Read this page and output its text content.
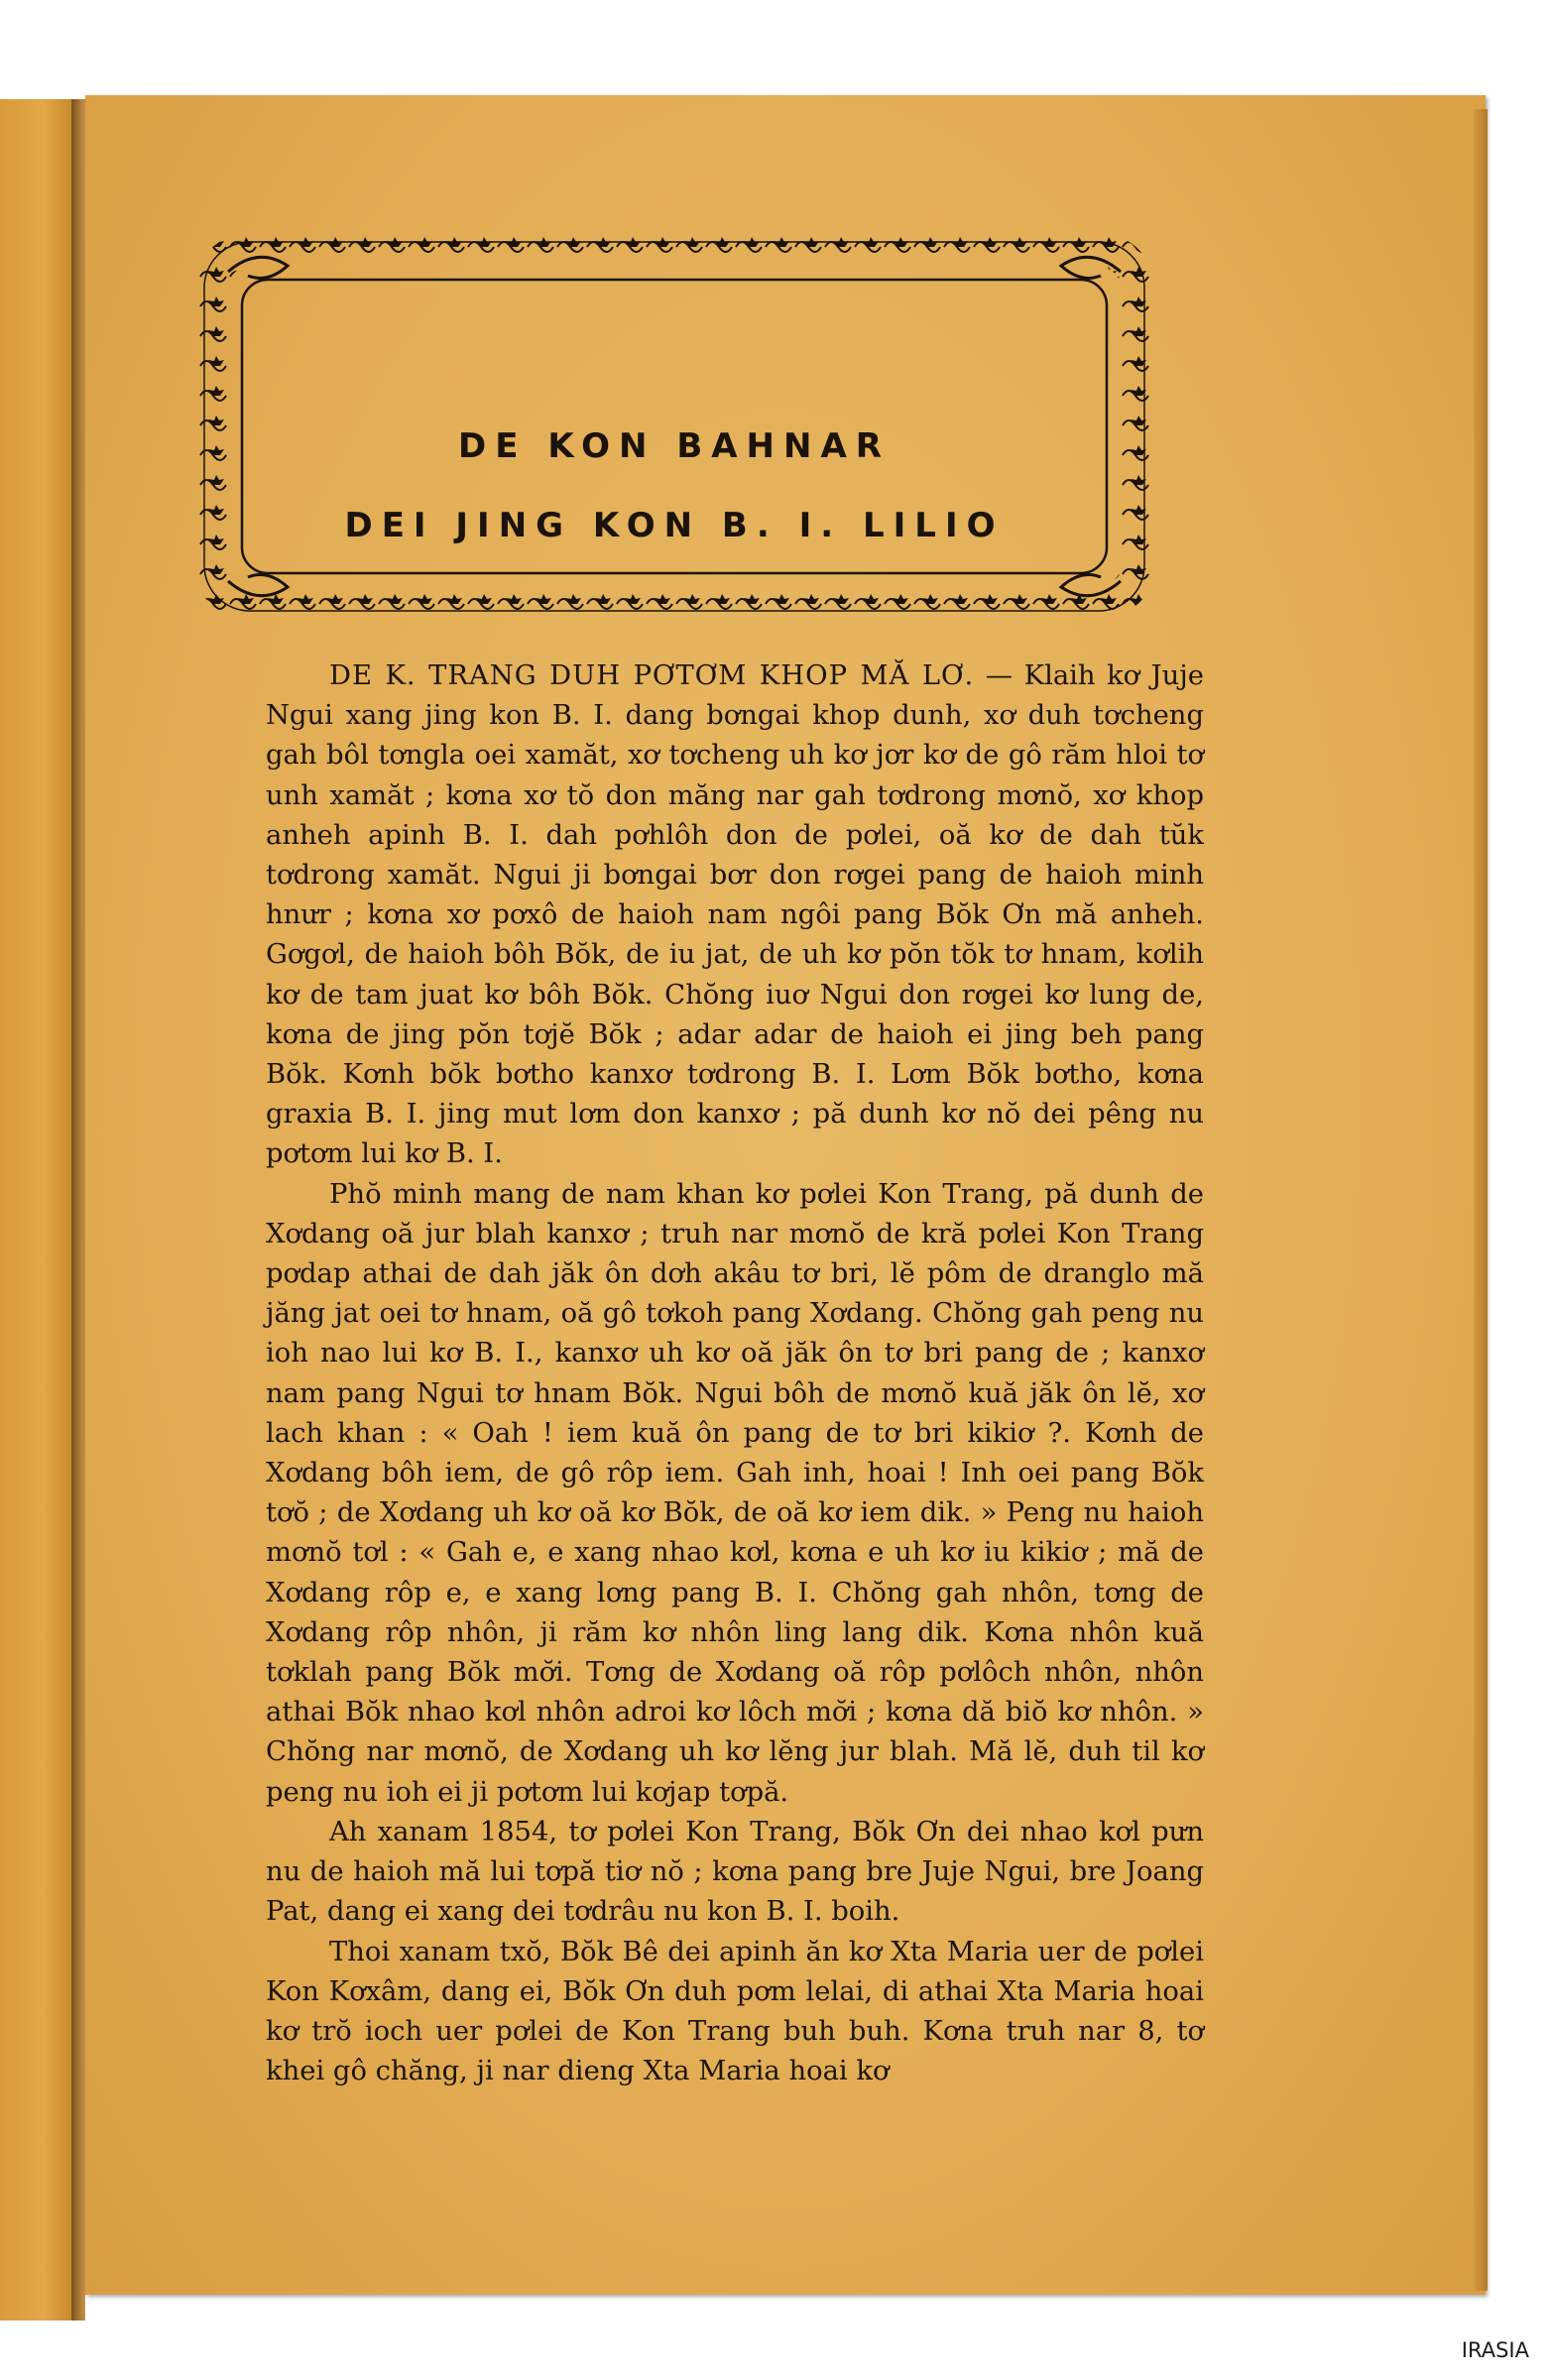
DE KON BAHNAR
DEI JING KON B. I. LILIO

DE K. TRANG DUH PƠTƠM KHOP MĂ LƠ. — Klaih kơ Juje Ngui xang jing kon B. I. dang bơngai khop dunh, xơ duh tơcheng gah bôl tơngla oei xamăt, xơ tơcheng uh kơ jơr kơ de gô răm hloi tơ unh xamăt ; kơna xơ tŏ don măng nar gah tơdrong mơnŏ, xơ khop anheh apinh B. I. dah pơhlôh don de pơlei, oă kơ de dah tŭk tơdrong xamăt. Ngui ji bơngai bơr don rơgei pang de haioh minh hnưr ; kơna xơ pơxô de haioh nam ngôi pang Bŏk Ơn mă anheh. Gơgơl, de haioh bôh Bŏk, de iu jat, de uh kơ pŏn tŏk tơ hnam, kơlih kơ de tam juat kơ bôh Bŏk. Chŏng iuơ Ngui don rơgei kơ lung de, kơna de jing pŏn tơjĕ Bŏk ; adar adar de haioh ei jing beh pang Bŏk. Kơnh bŏk bơtho kanxơ tơdrong B. I. Lơm Bŏk bơtho, kơna graxia B. I. jing mut lơm don kanxơ ; pă dunh kơ nŏ dei pêng nu pơtơm lui kơ B. I.

Phŏ minh mang de nam khan kơ pơlei Kon Trang, pă dunh de Xơdang oă jur blah kanxơ ; truh nar mơnŏ de kră pơlei Kon Trang pơdap athai de dah jăk ôn dơh akâu tơ bri, lĕ pôm de dranglo mă jăng jat oei tơ hnam, oă gô tơkoh pang Xơdang. Chŏng gah peng nu ioh nao lui kơ B. I., kanxơ uh kơ oă jăk ôn tơ bri pang de ; kanxơ nam pang Ngui tơ hnam Bŏk. Ngui bôh de mơnŏ kuă jăk ôn lĕ, xơ lach khan : « Oah ! iem kuă ôn pang de tơ bri kikiơ ?. Kơnh de Xơdang bôh iem, de gô rôp iem. Gah inh, hoai ! Inh oei pang Bŏk tơŏ ; de Xơdang uh kơ oă kơ Bŏk, de oă kơ iem dik. » Peng nu haioh mơnŏ tơl : « Gah e, e xang nhao kơl, kơna e uh kơ iu kikiơ ; mă de Xơdang rôp e, e xang lơng pang B. I. Chŏng gah nhôn, tơng de Xơdang rôp nhôn, ji răm kơ nhôn ling lang dik. Kơna nhôn kuă tơklah pang Bŏk mơ̆i. Tơng de Xơdang oă rôp pơlôch nhôn, nhôn athai Bŏk nhao kơl nhôn adroi kơ lôch mơ̆i ; kơna dă biŏ kơ nhôn. » Chŏng nar mơnŏ, de Xơdang uh kơ lĕng jur blah. Mă lĕ, duh til kơ peng nu ioh ei ji pơtơm lui kơjap tơpă.

Ah xanam 1854, tơ pơlei Kon Trang, Bŏk Ơn dei nhao kơl pưn nu de haioh mă lui tơpă tiơ nŏ ; kơna pang bre Juje Ngui, bre Joang Pat, dang ei xang dei tơdrâu nu kon B. I. boih.

Thoi xanam txŏ, Bŏk Bê dei apinh ăn kơ Xta Maria uer de pơlei Kon Kơxâm, dang ei, Bŏk Ơn duh pơm lelai, di athai Xta Maria hoai kơ trŏ ioch uer pơlei de Kon Trang buh buh. Kơna truh nar 8, tơ khei gô chăng, ji nar dieng Xta Maria hoai kơ

IRASIA
